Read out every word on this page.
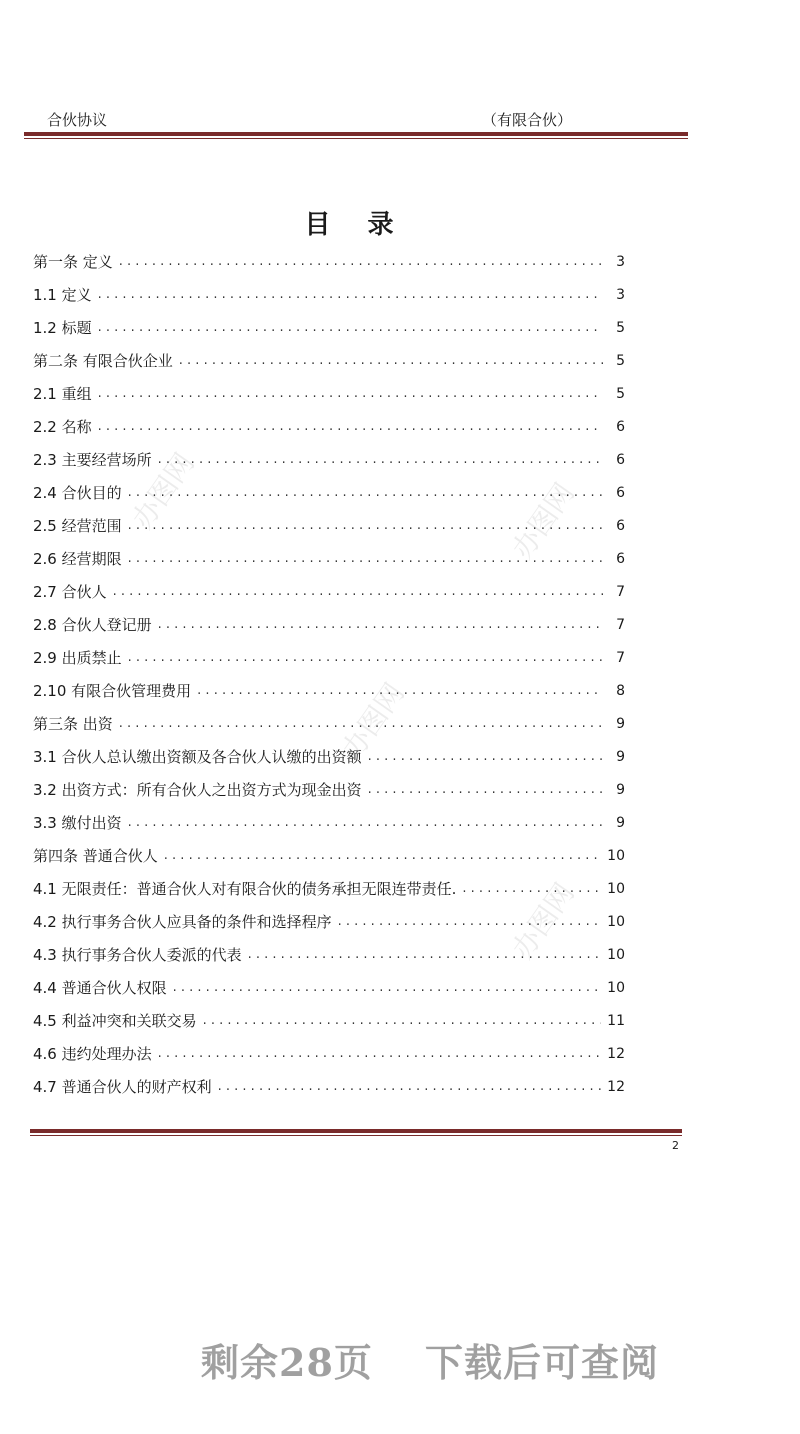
合伙协议	（有限合伙）
办图网	办图网
办图网
办图网
目 录
第一条 定义 . . .	3
1.1 定义 . . .	3
1.2 标题 . . .	5
第二条 有限合伙企业 . . .	5
2.1 重组 . . .	5
2.2 名称 . . .	6
2.3 主要经营场所 . . .	6
2.4 合伙目的 . . .	6
2.5 经营范围 . . .	6
2.6 经营期限 . . .	6
2.7 合伙人 . . .	7
2.8 合伙人登记册 . . .	7
2.9 出质禁止 . . .	7
2.10 有限合伙管理费用 . . .	8
第三条 出资 . . .	9
3.1 合伙人总认缴出资额及各合伙人认缴的出资额 . . .	9
3.2 出资方式：所有合伙人之出资方式为现金出资 . . .	9
3.3 缴付出资 . . .	9
第四条 普通合伙人 . . .	10
4.1 无限责任：普通合伙人对有限合伙的债务承担无限连带责任. . . .	10
4.2 执行事务合伙人应具备的条件和选择程序 . . .	10
4.3 执行事务合伙人委派的代表 . . .	10
4.4 普通合伙人权限 . . .	10
4.5 利益冲突和关联交易 . . .	11
4.6 违约处理办法 . . .	12
4.7 普通合伙人的财产权利 . . .	12
2
剩余28页 下载后可查阅
